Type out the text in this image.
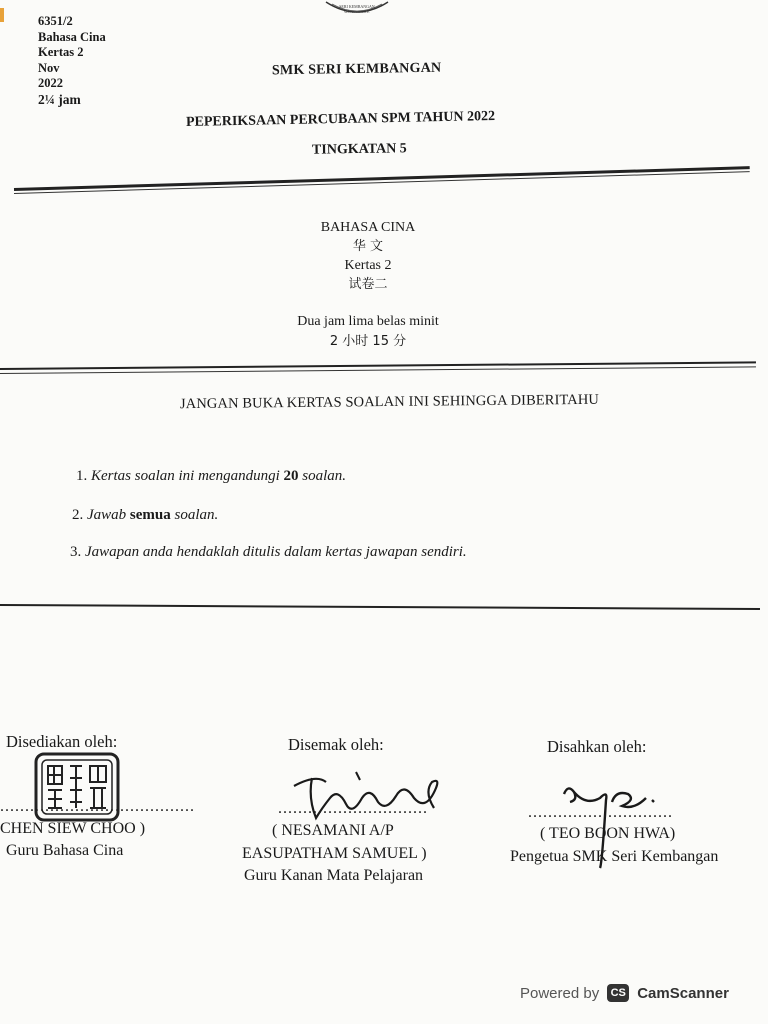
SERI KEMBANGAN
SELANGOR D.E.
6351/2
Bahasa Cina
Kertas 2
Nov
2022
2¼ jam
SMK SERI KEMBANGAN
PEPERIKSAAN PERCUBAAN SPM TAHUN 2022
TINGKATAN 5
BAHASA CINA
华 文
Kertas 2
试卷二
Dua jam lima belas minit
2 小时 15 分
JANGAN BUKA KERTAS SOALAN INI SEHINGGA DIBERITAHU
1. Kertas soalan ini mengandungi 20 soalan.
2. Jawab semua soalan.
3. Jawapan anda hendaklah ditulis dalam kertas jawapan sendiri.
Disediakan oleh:
.......................................
CHEN SIEW CHOO )
Guru Bahasa Cina
Disemak oleh:
..............................
( NESAMANI A/P
EASUPATHAM SAMUEL )
Guru Kanan Mata Pelajaran
Disahkan oleh:
.............................
( TEO BOON HWA)
Pengetua SMK Seri Kembangan
Powered by	CS CamScanner
